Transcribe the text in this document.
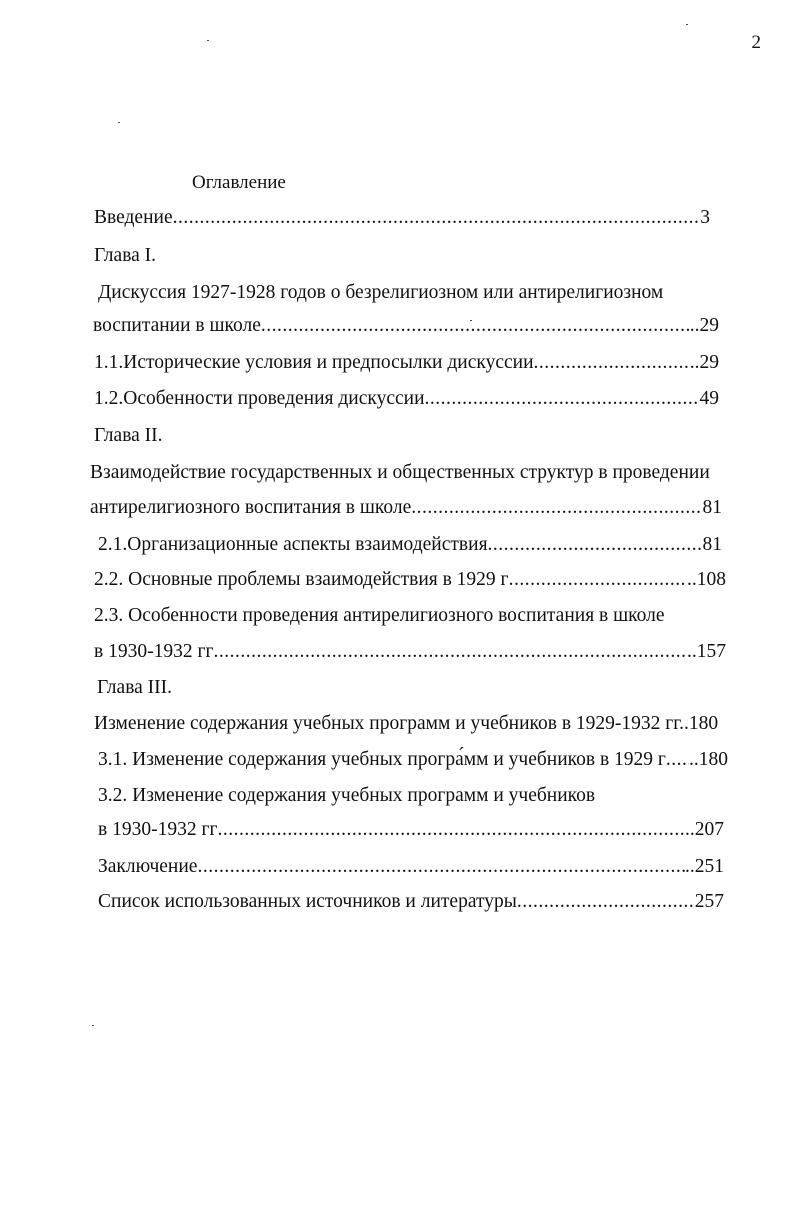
2
Оглавление
Введение .....	3
Глава I.
Дискуссия 1927-1928 годов о безрелигиозном или антирелигиозном
воспитании в школе .....	..29
1.1. Исторические условия и предпосылки дискуссии .....	..29
1.2. Особенности проведения дискуссии .....	49
Глава II.
Взаимодействие государственных и общественных структур в проведении
антирелигиозного воспитания в школе .....	81
2.1.Организационные аспекты взаимодействия .....	81
2.2. Основные проблемы взаимодействия в 1929 г .....	..108
2.3. Особенности проведения антирелигиозного воспитания в школе
в 1930-1932 гг .....	..157
Глава III.
Изменение содержания учебных программ и учебников в 1929-1932 гг..180
3.1. Изменение содержания учебных програ́мм и учебников в 1929 г ..... ..180
3.2. Изменение содержания учебных программ и учебников
в 1930-1932 гг .....	..207
Заключение .....	..251
Список использованных источников и литературы .....	257
